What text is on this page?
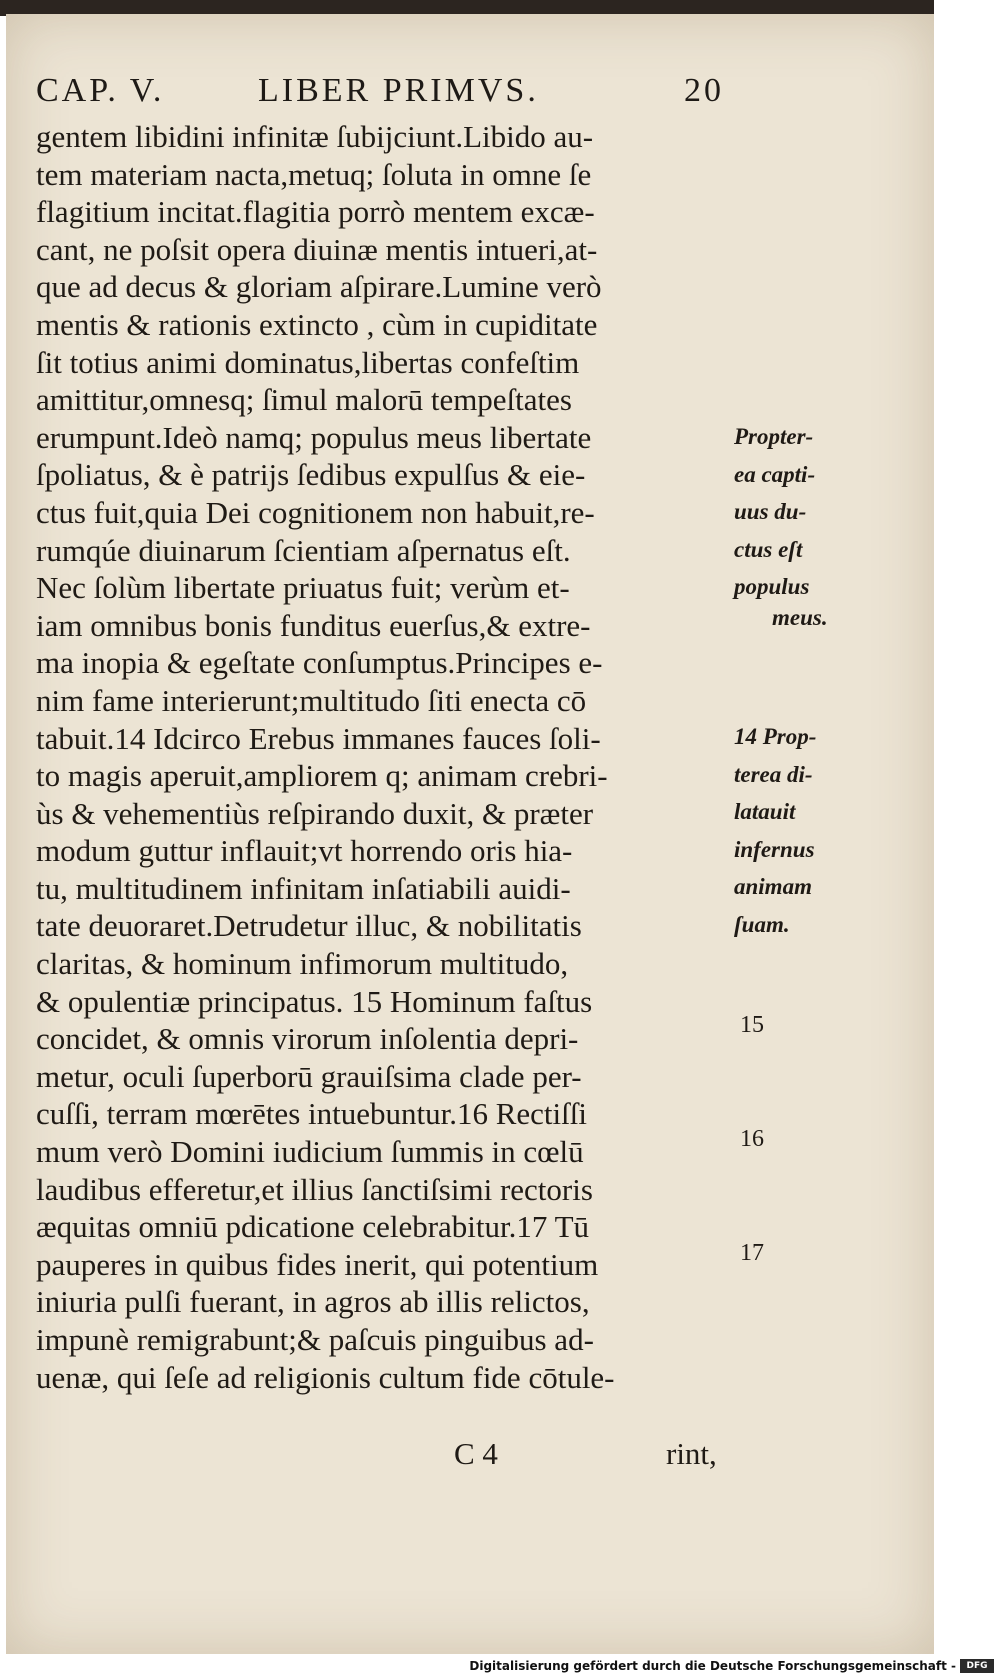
CAP. V.	LIBER PRIMVS.	20
gentem libidini infinitæ ſubijciunt.Libido au-
tem materiam nacta,metuq; ſoluta in omne ſe
flagitium incitat.flagitia porrò mentem excæ-
cant, ne poſsit opera diuinæ mentis intueri,at-
que ad decus & gloriam aſpirare.Lumine verò
mentis & rationis extincto , cùm in cupiditate
ſit totius animi dominatus,libertas confeſtim
amittitur,omnesq; ſimul malorū tempeſtates
erumpunt.Ideò namq; populus meus libertate
ſpoliatus, & è patrijs ſedibus expulſus & eie-
ctus fuit,quia Dei cognitionem non habuit,re-
rumqúe diuinarum ſcientiam aſpernatus eſt.
Nec ſolùm libertate priuatus fuit; verùm et-
iam omnibus bonis funditus euerſus,& extre-
ma inopia & egeſtate conſumptus.Principes e-
nim fame interierunt;multitudo ſiti enecta cō
tabuit.14 Idcirco Erebus immanes fauces ſoli-
to magis aperuit,ampliorem q; animam crebri-
ùs & vehementiùs reſpirando duxit, & præter
modum guttur inflauit;vt horrendo oris hia-
tu, multitudinem infinitam inſatiabili auidi-
tate deuoraret.Detrudetur illuc, & nobilitatis
claritas, & hominum infimorum multitudo,
& opulentiæ principatus. 15 Hominum faſtus
concidet, & omnis virorum inſolentia depri-
metur, oculi ſuperborū grauiſsima clade per-
cuſſi, terram mœrētes intuebuntur.16 Rectiſſi
mum verò Domini iudicium ſummis in cœlū
laudibus efferetur,et illius ſanctiſsimi rectoris
æquitas omniū pdicatione celebrabitur.17 Tū
pauperes in quibus fides inerit, qui potentium
iniuria pulſi fuerant, in agros ab illis relictos,
impunè remigrabunt;& paſcuis pinguibus ad-
uenæ, qui ſeſe ad religionis cultum fide cōtule-
Propter-
ea capti-
uus du-
ctus eſt
populus
meus.
14 Prop-
terea di-
latauit
infernus
animam
ſuam.
15
16
17
C 4	rint,
Digitalisierung gefördert durch die Deutsche Forschungsgemeinschaft -	DFG
